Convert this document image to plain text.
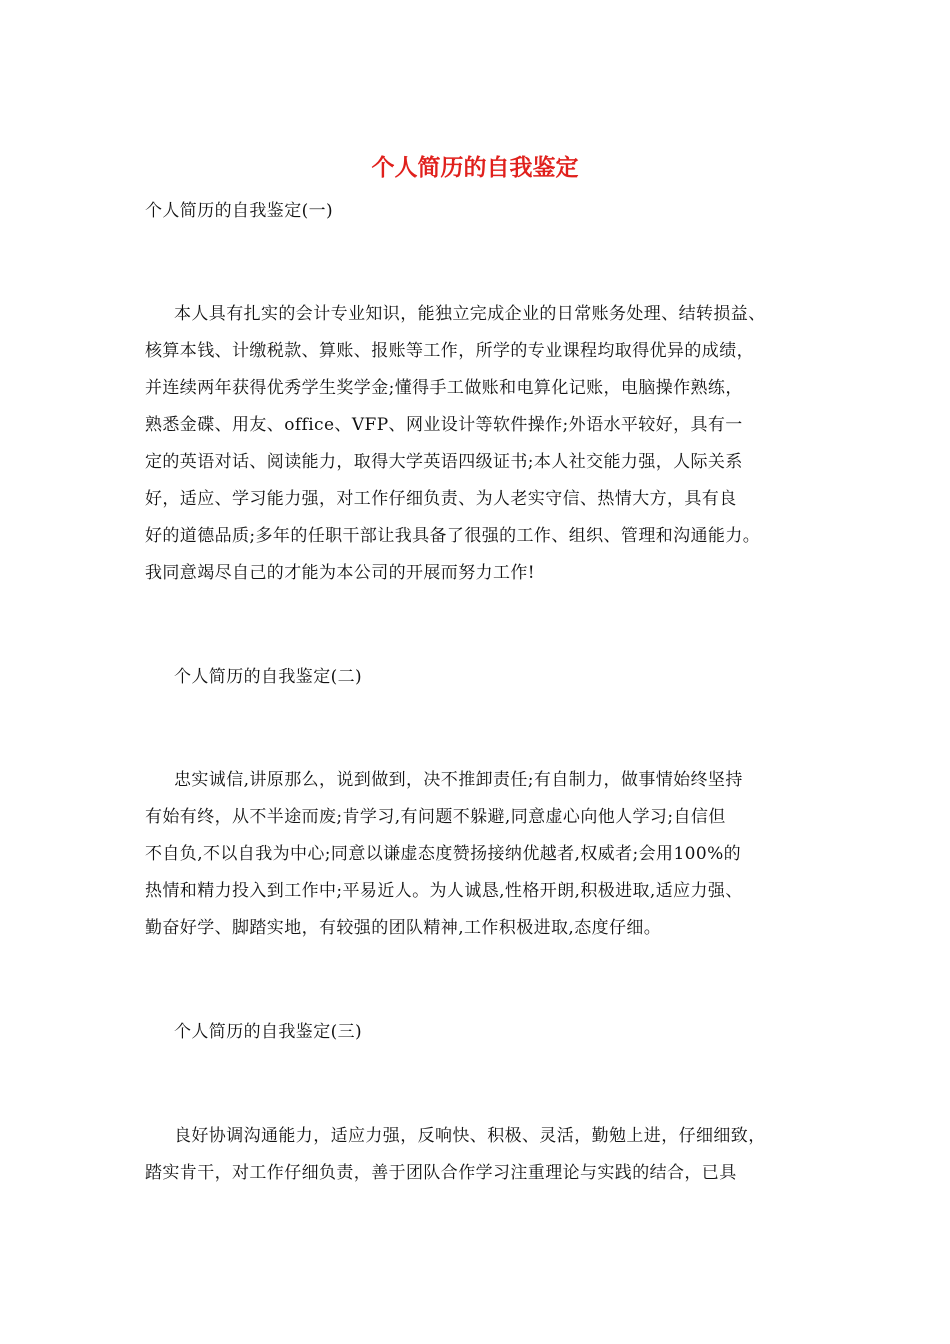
个人简历的自我鉴定
个人简历的自我鉴定(一)
本人具有扎实的会计专业知识，能独立完成企业的日常账务处理、结转损益、
核算本钱、计缴税款、算账、报账等工作，所学的专业课程均取得优异的成绩，
并连续两年获得优秀学生奖学金;懂得手工做账和电算化记账，电脑操作熟练，
熟悉金碟、用友、office、VFP、网业设计等软件操作;外语水平较好，具有一
定的英语对话、阅读能力，取得大学英语四级证书;本人社交能力强，人际关系
好，适应、学习能力强，对工作仔细负责、为人老实守信、热情大方，具有良
好的道德品质;多年的任职干部让我具备了很强的工作、组织、管理和沟通能力。
我同意竭尽自己的才能为本公司的开展而努力工作!
个人简历的自我鉴定(二)
忠实诚信,讲原那么，说到做到，决不推卸责任;有自制力，做事情始终坚持
有始有终，从不半途而废;肯学习,有问题不躲避,同意虚心向他人学习;自信但
不自负,不以自我为中心;同意以谦虚态度赞扬接纳优越者,权威者;会用100%的
热情和精力投入到工作中;平易近人。为人诚恳,性格开朗,积极进取,适应力强、
勤奋好学、脚踏实地，有较强的团队精神,工作积极进取,态度仔细。
个人简历的自我鉴定(三)
良好协调沟通能力，适应力强，反响快、积极、灵活，勤勉上进，仔细细致，
踏实肯干，对工作仔细负责，善于团队合作学习注重理论与实践的结合，已具
